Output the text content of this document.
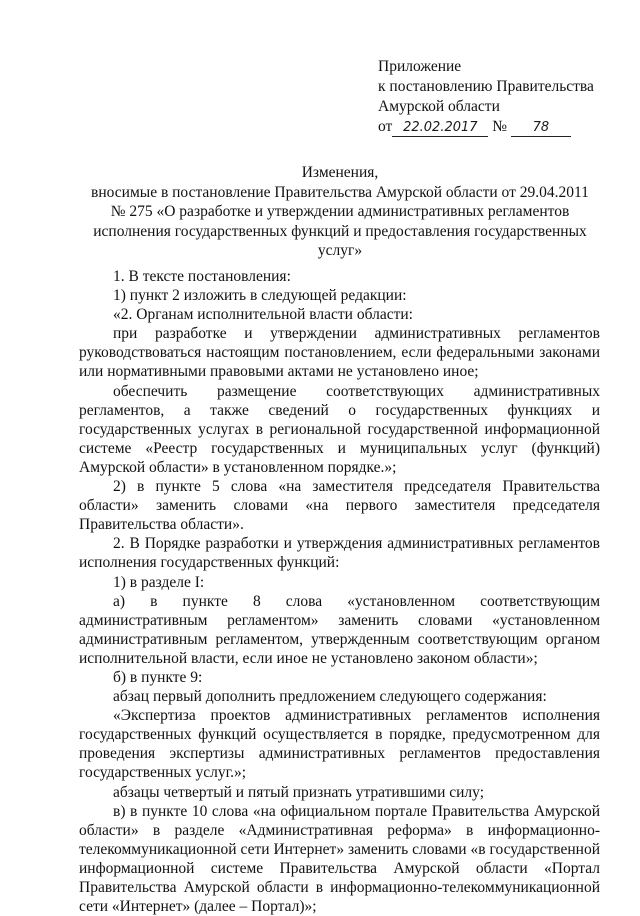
Приложение
к постановлению Правительства
Амурской области
от 22.02.2017 № 78
Изменения,
вносимые в постановление Правительства Амурской области от 29.04.2011
№ 275 «О разработке и утверждении административных регламентов
исполнения государственных функций и предоставления государственных
услуг»

1. В тексте постановления:

1) пункт 2 изложить в следующей редакции:

«2. Органам исполнительной власти области:

при разработке и утверждении административных регламентов руководствоваться настоящим постановлением, если федеральными законами или нормативными правовыми актами не установлено иное;

обеспечить размещение соответствующих административных регламентов, а также сведений о государственных функциях и государственных услугах в региональной государственной информационной системе «Реестр государственных и муниципальных услуг (функций) Амурской области» в установленном порядке.»;

2) в пункте 5 слова «на заместителя председателя Правительства области» заменить словами «на первого заместителя председателя Правительства области».

2. В Порядке разработки и утверждения административных регламентов исполнения государственных функций:

1) в разделе I:

а) в пункте 8 слова «установленном соответствующим административным регламентом» заменить словами «установленном административным регламентом, утвержденным соответствующим органом исполнительной власти, если иное не установлено законом области»;

б) в пункте 9:

абзац первый дополнить предложением следующего содержания:

«Экспертиза проектов административных регламентов исполнения государственных функций осуществляется в порядке, предусмотренном для проведения экспертизы административных регламентов предоставления государственных услуг.»;

абзацы четвертый и пятый признать утратившими силу;

в) в пункте 10 слова «на официальном портале Правительства Амурской области» в разделе «Административная реформа» в информационно-телекоммуникационной сети Интернет» заменить словами «в государственной информационной системе Правительства Амурской области «Портал Правительства Амурской области в информационно-телекоммуникационной сети «Интернет» (далее – Портал)»;
